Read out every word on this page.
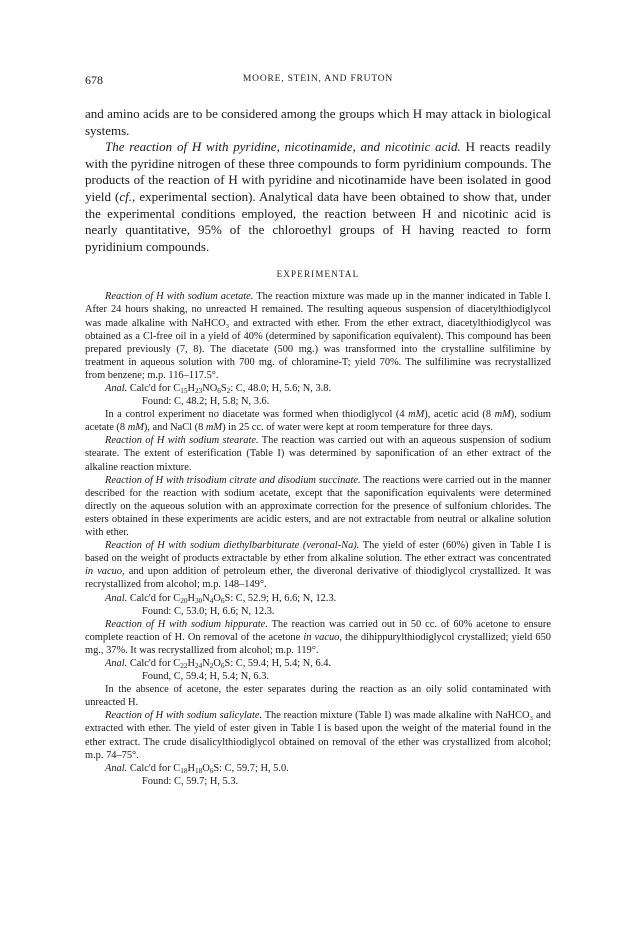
678	MOORE, STEIN, AND FRUTON

and amino acids are to be considered among the groups which H may attack in biological systems.

The reaction of H with pyridine, nicotinamide, and nicotinic acid. H reacts readily with the pyridine nitrogen of these three compounds to form pyridinium compounds. The products of the reaction of H with pyridine and nicotinamide have been isolated in good yield (cf., experimental section). Analytical data have been obtained to show that, under the experimental conditions employed, the reaction between H and nicotinic acid is nearly quantitative, 95% of the chloroethyl groups of H having reacted to form pyridinium compounds.

EXPERIMENTAL

Reaction of H with sodium acetate. The reaction mixture was made up in the manner indicated in Table I. After 24 hours shaking, no unreacted H remained. The resulting aqueous suspension of diacetylthiodiglycol was made alkaline with NaHCO₃ and extracted with ether. From the ether extract, diacetylthiodiglycol was obtained as a Cl-free oil in a yield of 40% (determined by saponification equivalent). This compound has been prepared previously (7, 8). The diacetate (500 mg.) was transformed into the crystalline sulfilimine by treatment in aqueous solution with 700 mg. of chloramine-T; yield 70%. The sulfilimine was recrystallized from benzene; m.p. 116–117.5°.

Anal. Calc'd for $C_{15}H_{23}NO_6S_2$: C, 48.0; H, 5.6; N, 3.8.

Found: C, 48.2; H, 5.8; N, 3.6.

In a control experiment no diacetate was formed when thiodiglycol (4 mM), acetic acid (8 mM), sodium acetate (8 mM), and NaCl (8 mM) in 25 cc. of water were kept at room temperature for three days.

Reaction of H with sodium stearate. The reaction was carried out with an aqueous suspension of sodium stearate. The extent of esterification (Table I) was determined by saponification of an ether extract of the alkaline reaction mixture.

Reaction of H with trisodium citrate and disodium succinate. The reactions were carried out in the manner described for the reaction with sodium acetate, except that the saponification equivalents were determined directly on the aqueous solution with an approximate correction for the presence of sulfonium chlorides. The esters obtained in these experiments are acidic esters, and are not extractable from neutral or alkaline solution with ether.

Reaction of H with sodium diethylbarbiturate (veronal-Na). The yield of ester (60%) given in Table I is based on the weight of products extractable by ether from alkaline solution. The ether extract was concentrated in vacuo, and upon addition of petroleum ether, the diveronal derivative of thiodiglycol crystallized. It was recrystallized from alcohol; m.p. 148–149°.

Anal. Calc'd for $C_{20}H_{30}N_4O_6S$: C, 52.9; H, 6.6; N, 12.3.

Found: C, 53.0; H, 6.6; N, 12.3.

Reaction of H with sodium hippurate. The reaction was carried out in 50 cc. of 60% acetone to ensure complete reaction of H. On removal of the acetone in vacuo, the dihippurylthiodiglycol crystallized; yield 650 mg., 37%. It was recrystallized from alcohol; m.p. 119°.

Anal. Calc'd for $C_{22}H_{24}N_2O_6S$: C, 59.4; H, 5.4; N, 6.4.

Found, C, 59.4; H, 5.4; N, 6.3.

In the absence of acetone, the ester separates during the reaction as an oily solid contaminated with unreacted H.

Reaction of H with sodium salicylate. The reaction mixture (Table I) was made alkaline with NaHCO₃ and extracted with ether. The yield of ester given in Table I is based upon the weight of the material found in the ether extract. The crude disalicylthiodiglycol obtained on removal of the ether was crystallized from alcohol; m.p. 74–75°.

Anal. Calc'd for $C_{18}H_{18}O_6S$: C, 59.7; H, 5.0.

Found: C, 59.7; H, 5.3.
